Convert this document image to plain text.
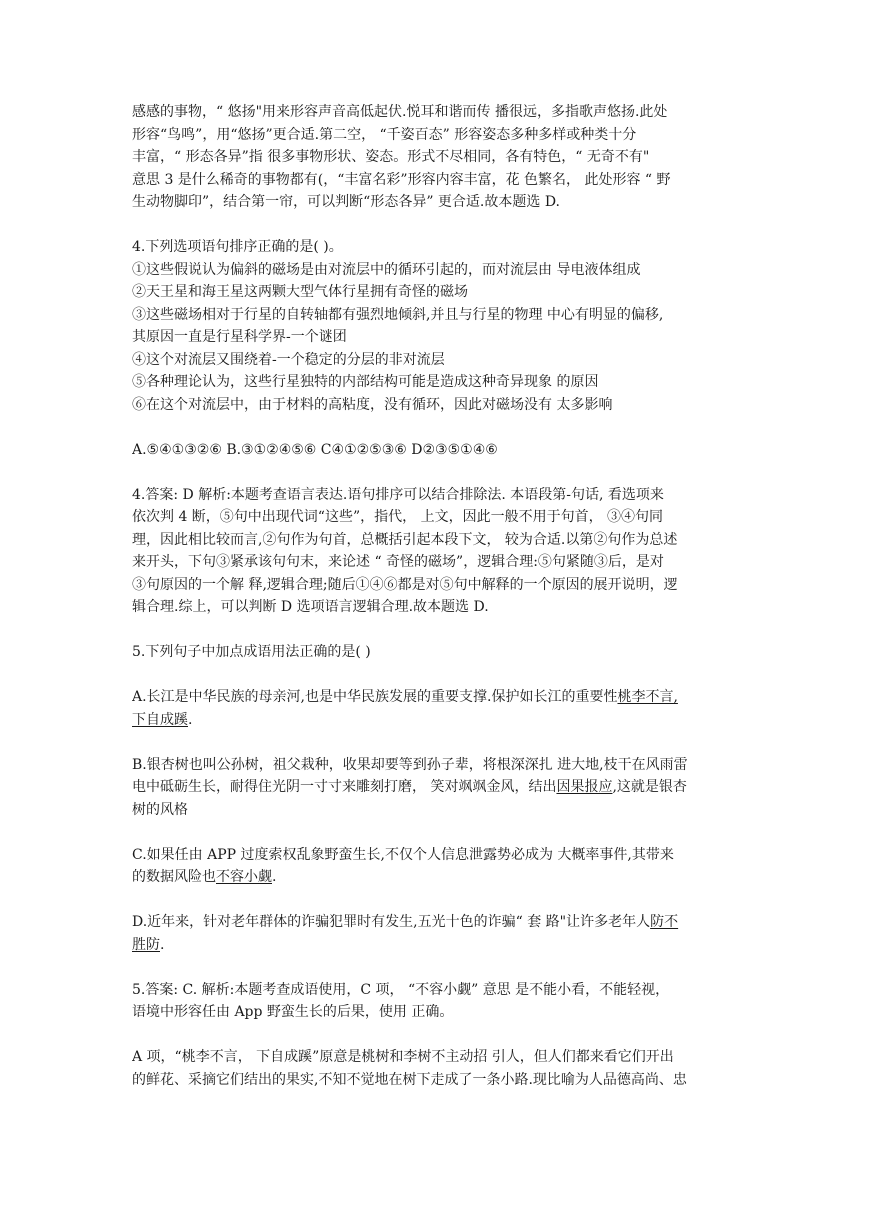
感感的事物，“ 悠扬"用来形容声音高低起伏.悦耳和谐而传 播很远，多指歌声悠扬.此处
形容“鸟鸣”，用“悠扬”更合适.第二空， “千姿百态” 形容姿态多种多样或种类十分
丰富，“ 形态各异”指 很多事物形状、姿态。形式不尽相同，各有特色，“ 无奇不有"
意思 3 是什么稀奇的事物都有(，“丰富名彩”形容内容丰富，花 色繁名， 此处形容 “ 野
生动物脚印”，结合第一帘，可以判断“形态各异” 更合适.故本题选 D.
4.下列选项语句排序正确的是( )。
①这些假说认为偏斜的磁场是由对流层中的循环引起的，而对流层由 导电液体组成
②天王星和海王星这两颗大型气体行星拥有奇怪的磁场
③这些磁场相对于行星的自转轴都有强烈地倾斜,并且与行星的物理 中心有明显的偏移,
其原因一直是行星科学界-一个谜团
④这个对流层又围绕着-一个稳定的分层的非对流层
⑤各种理论认为，这些行星独特的内部结构可能是造成这种奇异现象 的原因
⑥在这个对流层中，由于材料的高粘度，没有循环，因此对磁场没有 太多影响
A.⑤④①③②⑥ B.③①②④⑤⑥ C④①②⑤③⑥ D②③⑤①④⑥
4.答案: D 解析:本题考查语言表达.语句排序可以结合排除法. 本语段第-句话, 看选项来
依次判 4 断，⑤句中出现代词“这些”，指代， 上文，因此一般不用于句首， ③④句同
理，因此相比较而言,②句作为句首，总概括引起本段下文， 较为合适.以第②句作为总述
来开头，下句③紧承该句句末，来论述 “ 奇怪的磁场”，逻辑合理:⑤句紧随③后，是对
③句原因的一个解 释,逻辑合理;随后①④⑥都是对⑤句中解释的一个原因的展开说明，逻
辑合理.综上，可以判断 D 选项语言逻辑合理.故本题选 D.
5.下列句子中加点成语用法正确的是( )
A.长江是中华民族的母亲河,也是中华民族发展的重要支撑.保护如长江的重要性桃李不言,
下自成蹊.
B.银杏树也叫公孙树，祖父栽种，收果却要等到孙子辈，将根深深扎 进大地,枝干在风雨雷
电中砥砺生长，耐得住光阴一寸寸来雕刻打磨， 笑对飒飒金风，结出因果报应,这就是银杏
树的风格
C.如果任由 APP 过度索权乱象野蛮生长,不仅个人信息泄露势必成为 大概率事件,其带来
的数据风险也不容小觑.
D.近年来，针对老年群体的诈骗犯罪时有发生,五光十色的诈骗“ 套 路"让许多老年人防不
胜防.
5.答案: C. 解析:本题考查成语使用，C 项， “不容小觑” 意思 是不能小看，不能轻视，
语境中形容任由 App 野蛮生长的后果，使用 正确。
A 项，“桃李不言， 下自成蹊”原意是桃树和李树不主动招 引人，但人们都来看它们开出
的鲜花、采摘它们结出的果实,不知不觉地在树下走成了一条小路.现比喻为人品德高尚、忠
